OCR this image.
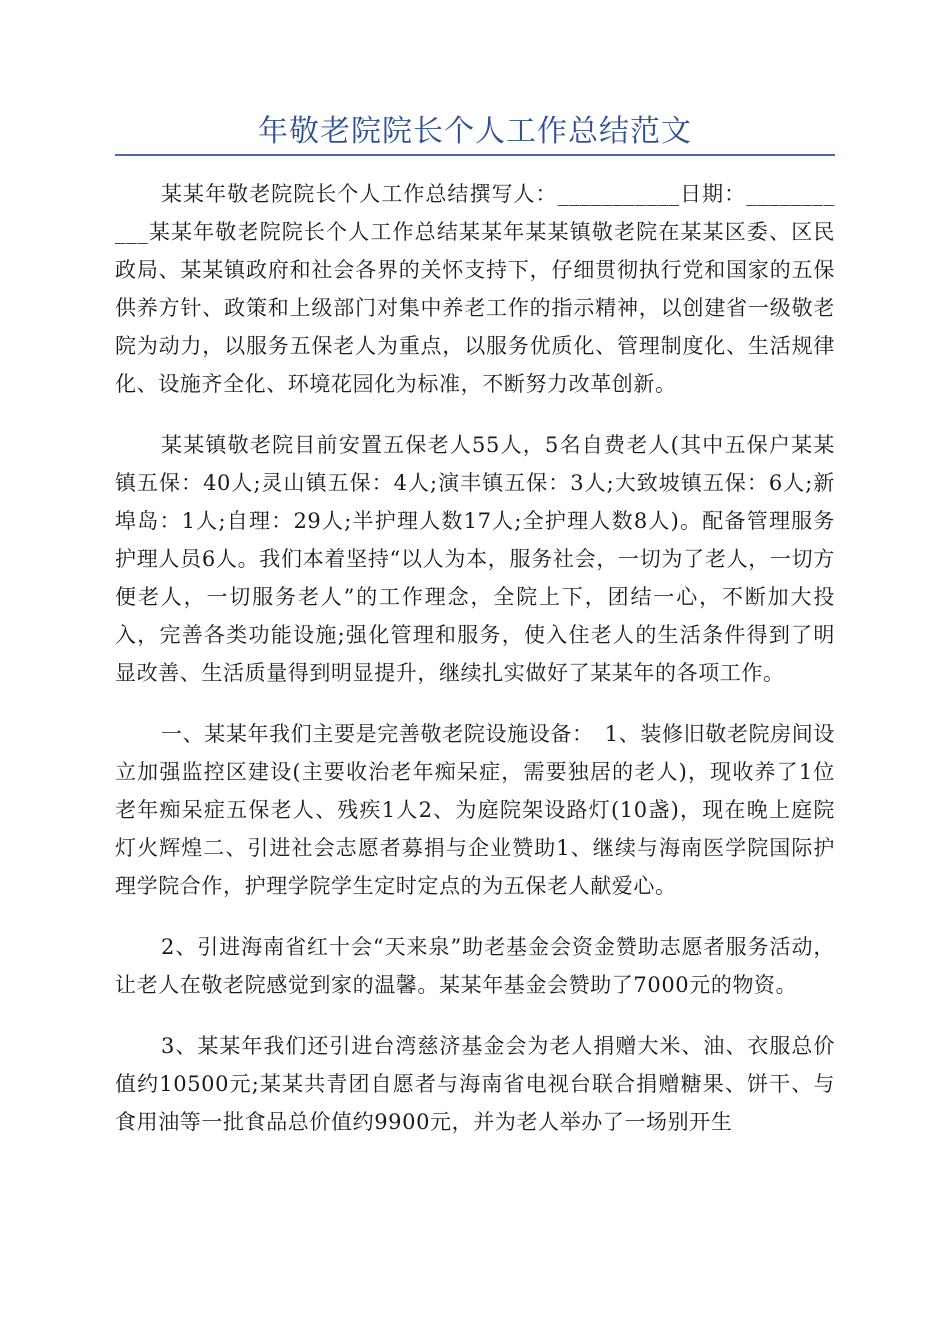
年敬老院院长个人工作总结范文

某某年敬老院院长个人工作总结撰写人：___________日期：___________某某年敬老院院长个人工作总结某某年某某镇敬老院在某某区委、区民政局、某某镇政府和社会各界的关怀支持下，仔细贯彻执行党和国家的五保供养方针、政策和上级部门对集中养老工作的指示精神，以创建省一级敬老院为动力，以服务五保老人为重点，以服务优质化、管理制度化、生活规律化、设施齐全化、环境花园化为标准，不断努力改革创新。

某某镇敬老院目前安置五保老人55人，5名自费老人(其中五保户某某镇五保：40人;灵山镇五保：4人;演丰镇五保：3人;大致坡镇五保：6人;新埠岛：1人;自理：29人;半护理人数17人;全护理人数8人)。配备管理服务护理人员6人。我们本着坚持“以人为本，服务社会，一切为了老人，一切方便老人，一切服务老人”的工作理念，全院上下，团结一心，不断加大投入，完善各类功能设施;强化管理和服务，使入住老人的生活条件得到了明显改善、生活质量得到明显提升，继续扎实做好了某某年的各项工作。

一、某某年我们主要是完善敬老院设施设备：　1、装修旧敬老院房间设立加强监控区建设(主要收治老年痴呆症，需要独居的老人)，现收养了1位老年痴呆症五保老人、残疾1人2、为庭院架设路灯(10盏)，现在晚上庭院灯火辉煌二、引进社会志愿者募捐与企业赞助1、继续与海南医学院国际护理学院合作，护理学院学生定时定点的为五保老人献爱心。

2、引进海南省红十会“天来泉”助老基金会资金赞助志愿者服务活动，让老人在敬老院感觉到家的温馨。某某年基金会赞助了7000元的物资。

3、某某年我们还引进台湾慈济基金会为老人捐赠大米、油、衣服总价值约10500元;某某共青团自愿者与海南省电视台联合捐赠糖果、饼干、与食用油等一批食品总价值约9900元，并为老人举办了一场别开生
